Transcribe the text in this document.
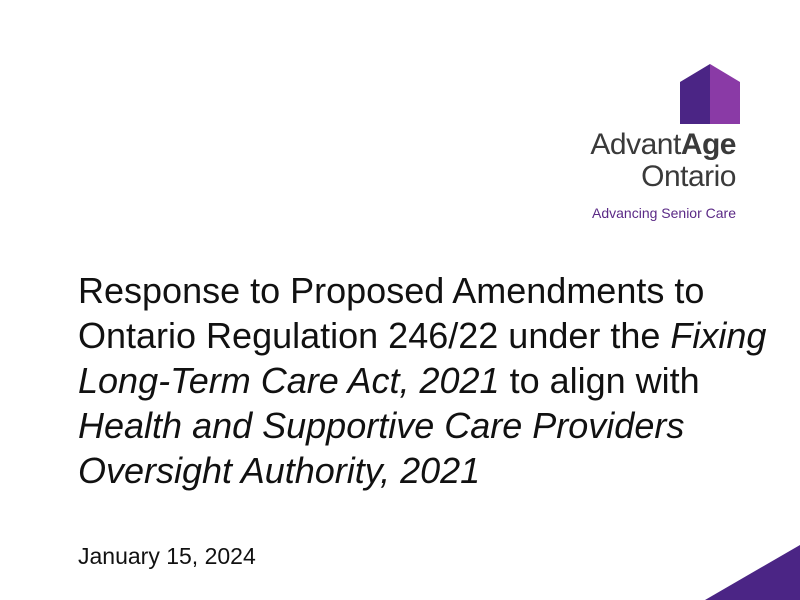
AdvantAge
Ontario
Advancing Senior Care
Response to Proposed Amendments to Ontario Regulation 246/22 under the Fixing Long-Term Care Act, 2021 to align with Health and Supportive Care Providers Oversight Authority, 2021
January 15, 2024
